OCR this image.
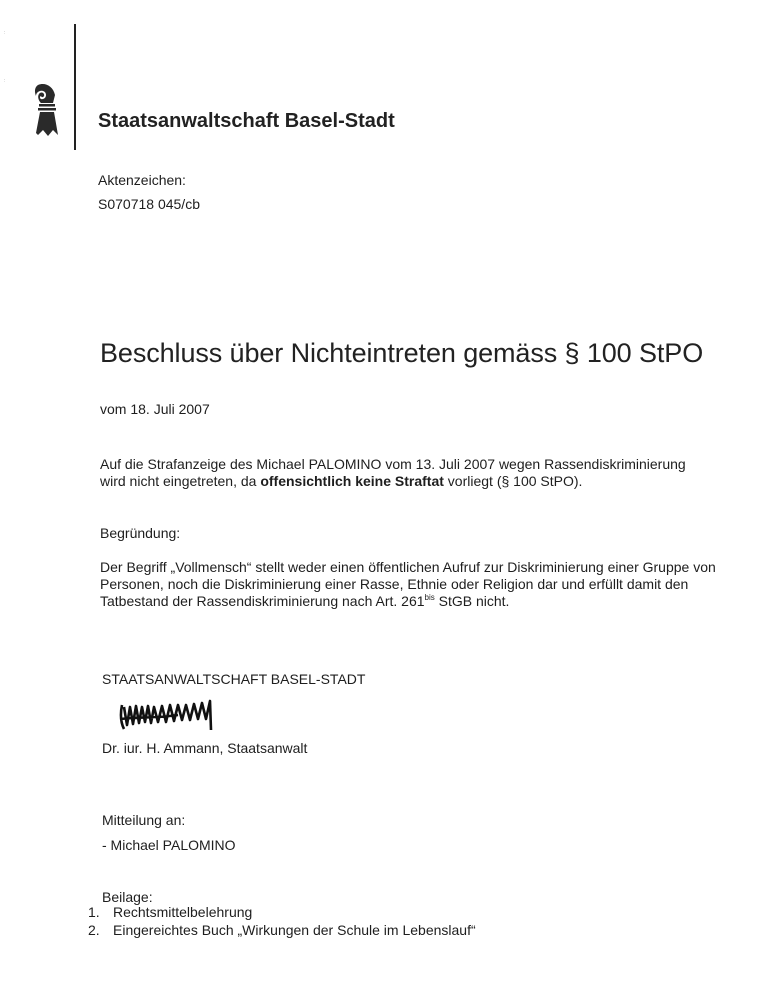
:
:
Staatsanwaltschaft Basel-Stadt
Aktenzeichen:
S070718 045/cb
Beschluss über Nichteintreten gemäss § 100 StPO
vom 18. Juli 2007
Auf die Strafanzeige des Michael PALOMINO vom 13. Juli 2007 wegen Rassendiskriminierung
wird nicht eingetreten, da offensichtlich keine Straftat vorliegt (§ 100 StPO).
Begründung:
Der Begriff „Vollmensch“ stellt weder einen öffentlichen Aufruf zur Diskriminierung einer Gruppe von Personen, noch die Diskriminierung einer Rasse, Ethnie oder Religion dar und erfüllt damit den Tatbestand der Rassendiskriminierung nach Art. $261^{bis}$ StGB nicht.
STAATSANWALTSCHAFT BASEL-STADT
Dr. iur. H. Ammann, Staatsanwalt
Mitteilung an:
- Michael PALOMINO
Beilage:
1. Rechtsmittelbelehrung
2. Eingereichtes Buch „Wirkungen der Schule im Lebenslauf“
